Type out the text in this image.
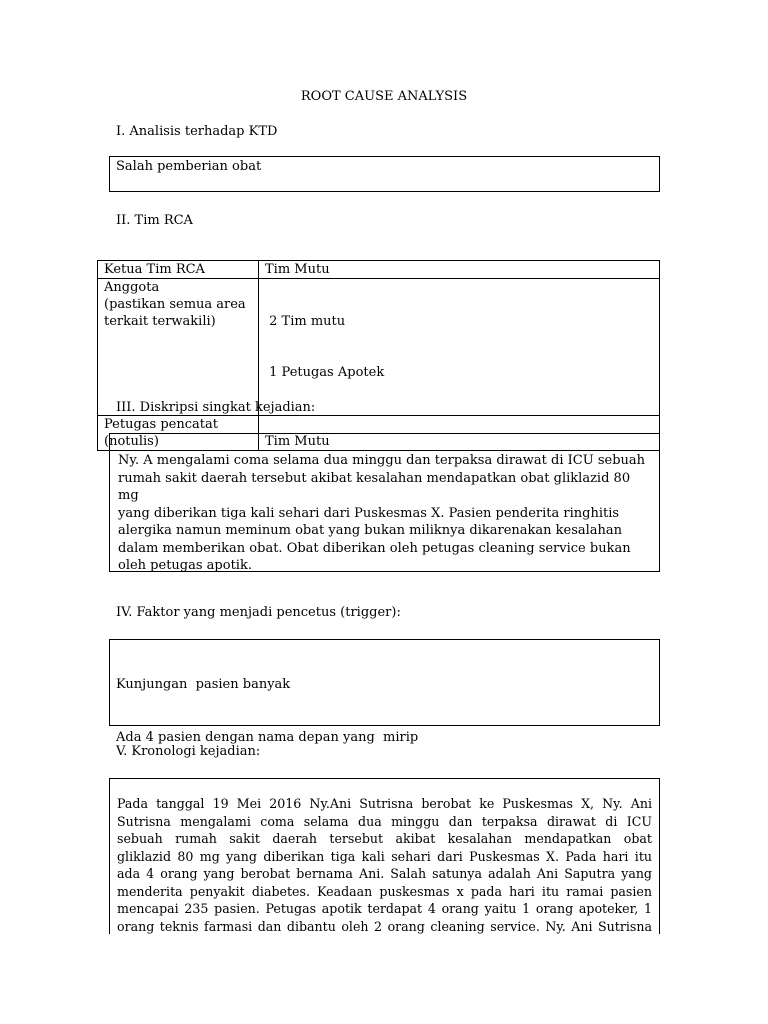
ROOT CAUSE ANALYSIS
I. Analisis terhadap KTD
Salah pemberian obat
II. Tim RCA
Ketua Tim RCA	Tim Mutu

Anggota
(pastikan semua area
terkait terwakili)	2 Tim mutu

1 Petugas Apotek

Petugas pencatat
(notulis)	Tim Mutu
III. Diskripsi singkat kejadian:
Ny. A mengalami coma selama dua minggu dan terpaksa dirawat di ICU sebuah
rumah sakit daerah tersebut akibat kesalahan mendapatkan obat gliklazid 80 mg
yang diberikan tiga kali sehari dari Puskesmas X. Pasien penderita ringhitis
alergika namun meminum obat yang bukan miliknya dikarenakan kesalahan
dalam memberikan obat. Obat diberikan oleh petugas cleaning service bukan
oleh petugas apotik.
IV. Faktor yang menjadi pencetus (trigger):

Kunjungan  pasien banyak

Ada 4 pasien dengan nama depan yang  mirip

V. Kronologi kejadian:
Pada tanggal 19 Mei 2016 Ny.Ani Sutrisna berobat ke Puskesmas X, Ny. Ani
Sutrisna mengalami coma selama dua minggu dan terpaksa dirawat di ICU
sebuah rumah sakit daerah tersebut akibat kesalahan mendapatkan obat
gliklazid 80 mg yang diberikan tiga kali sehari dari Puskesmas X. Pada hari itu
ada 4 orang yang berobat bernama Ani. Salah satunya adalah Ani Saputra yang
menderita penyakit diabetes. Keadaan puskesmas x pada hari itu ramai pasien
mencapai 235 pasien. Petugas apotik terdapat 4 orang yaitu 1 orang apoteker, 1
orang teknis farmasi dan dibantu oleh 2 orang cleaning service. Ny. Ani Sutrisna
